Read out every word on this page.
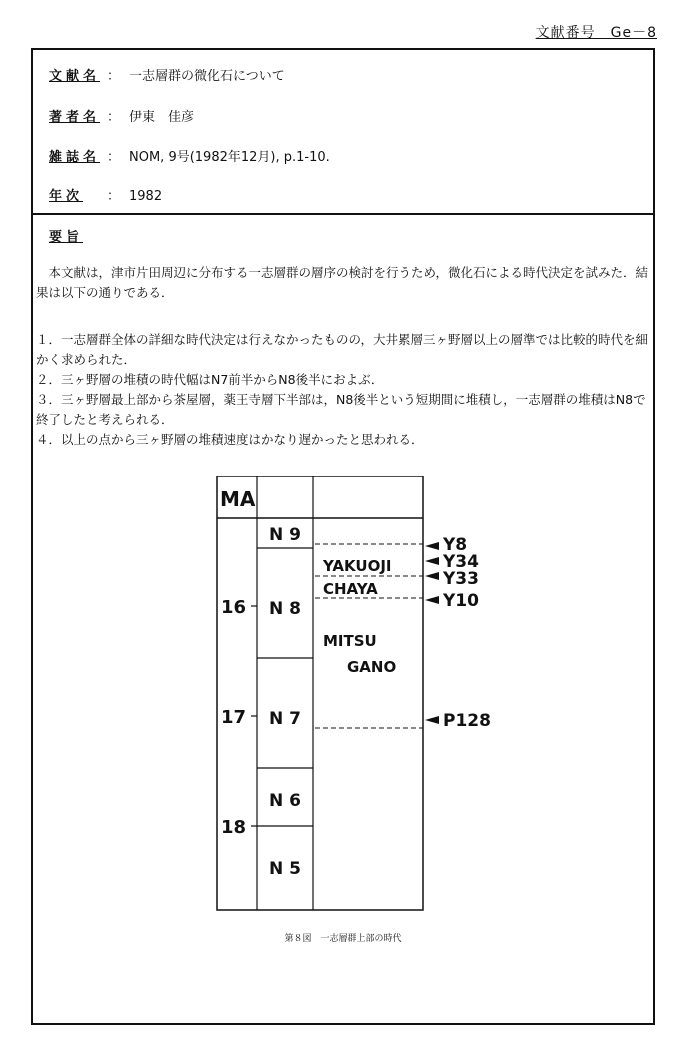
文献番号　Ge－8
文献名 ： 一志層群の微化石について
著者名 ： 伊東　佳彦
雑誌名 ： NOM, 9号(1982年12月), p.1-10.
年次 ： 1982
要旨

　本文献は，津市片田周辺に分布する一志層群の層序の検討を行うため，微化石による時代決定を試みた．結果は以下の通りである．

１．一志層群全体の詳細な時代決定は行えなかったものの，大井累層三ヶ野層以上の層準では比較的時代を細かく求められた．

２．三ヶ野層の堆積の時代幅はN7前半からN8後半におよぶ．

３．三ヶ野層最上部から茶屋層，薬王寺層下半部は，N8後半という短期間に堆積し，一志層群の堆積はN8で終了したと考えられる．

４．以上の点から三ヶ野層の堆積速度はかなり遅かったと思われる．

MA
16
17
18
N 9
N 8
N 7
N 6
N 5
YAKUOJI
CHAYA
MITSU
GANO
Y8
Y34
Y33
Y10
P128
第８図　一志層群上部の時代
